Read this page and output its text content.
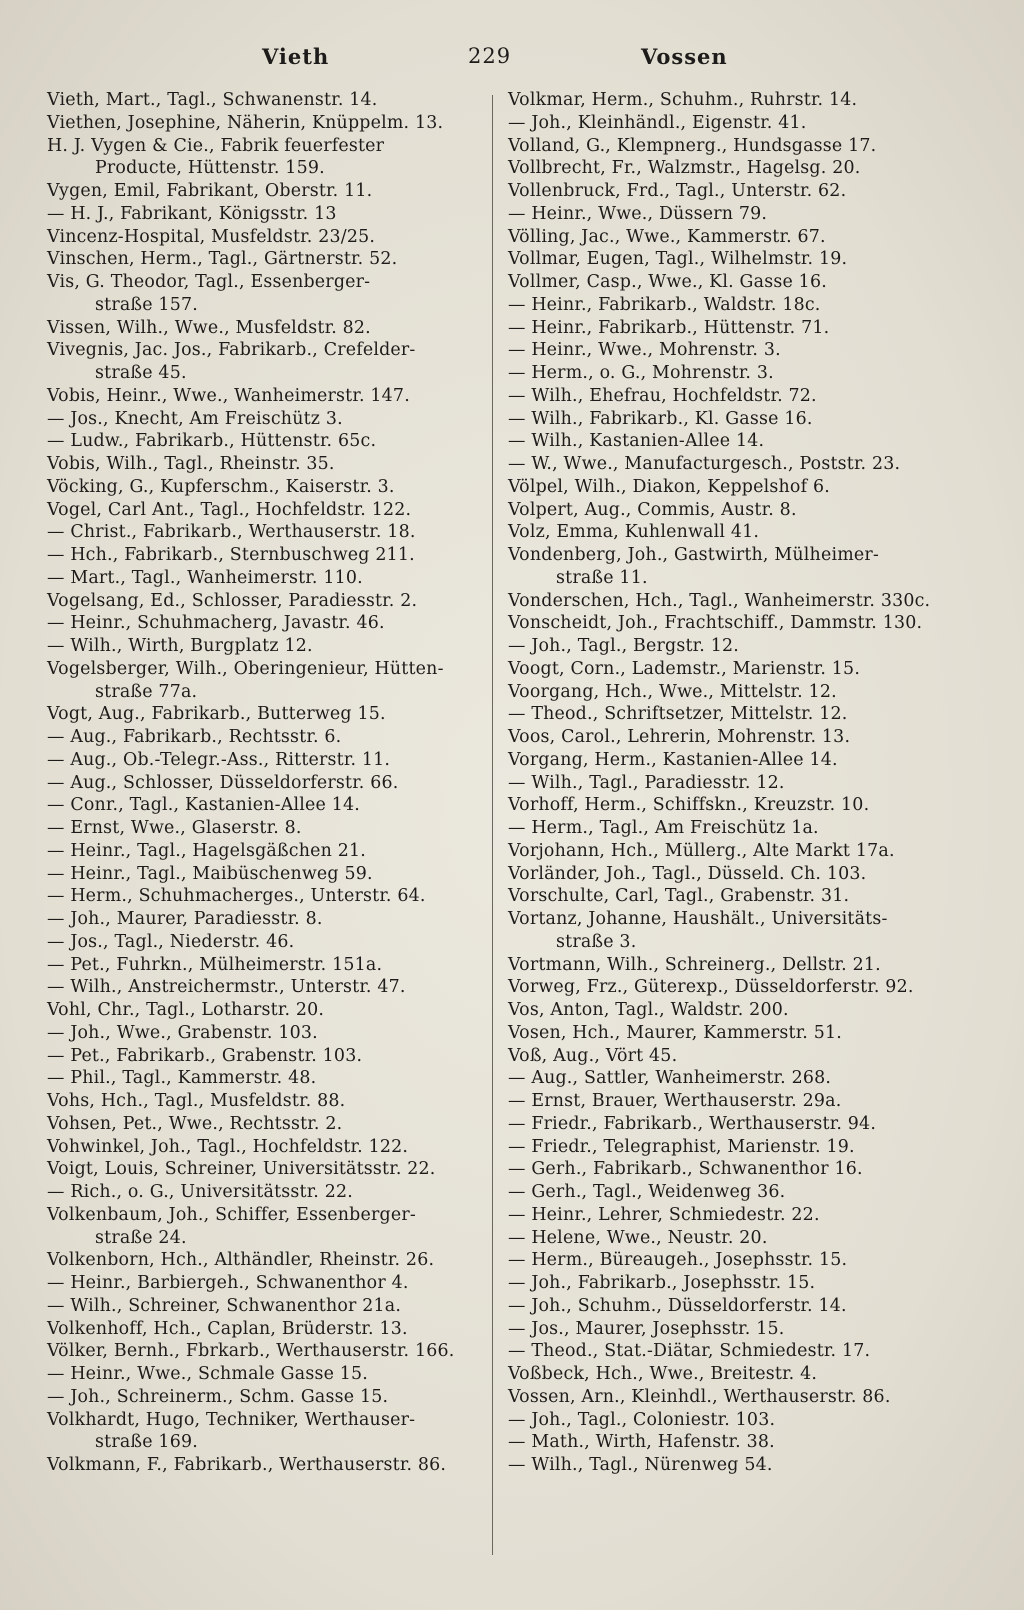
Vieth	229	Vossen
Vieth, Mart., Tagl., Schwanenstr. 14.
Viethen, Josephine, Näherin, Knüppelm. 13.
H. J. Vygen & Cie., Fabrik feuerfester
Producte, Hüttenstr. 159.
Vygen, Emil, Fabrikant, Oberstr. 11.
— H. J., Fabrikant, Königsstr. 13
Vincenz-Hospital, Musfeldstr. 23/25.
Vinschen, Herm., Tagl., Gärtnerstr. 52.
Vis, G. Theodor, Tagl., Essenberger-
straße 157.
Vissen, Wilh., Wwe., Musfeldstr. 82.
Vivegnis, Jac. Jos., Fabrikarb., Crefelder-
straße 45.
Vobis, Heinr., Wwe., Wanheimerstr. 147.
— Jos., Knecht, Am Freischütz 3.
— Ludw., Fabrikarb., Hüttenstr. 65c.
Vobis, Wilh., Tagl., Rheinstr. 35.
Vöcking, G., Kupferschm., Kaiserstr. 3.
Vogel, Carl Ant., Tagl., Hochfeldstr. 122.
— Christ., Fabrikarb., Werthauserstr. 18.
— Hch., Fabrikarb., Sternbuschweg 211.
— Mart., Tagl., Wanheimerstr. 110.
Vogelsang, Ed., Schlosser, Paradiesstr. 2.
— Heinr., Schuhmacherg, Javastr. 46.
— Wilh., Wirth, Burgplatz 12.
Vogelsberger, Wilh., Oberingenieur, Hütten-
straße 77a.
Vogt, Aug., Fabrikarb., Butterweg 15.
— Aug., Fabrikarb., Rechtsstr. 6.
— Aug., Ob.-Telegr.-Ass., Ritterstr. 11.
— Aug., Schlosser, Düsseldorferstr. 66.
— Conr., Tagl., Kastanien-Allee 14.
— Ernst, Wwe., Glaserstr. 8.
— Heinr., Tagl., Hagelsgäßchen 21.
— Heinr., Tagl., Maibüschenweg 59.
— Herm., Schuhmacherges., Unterstr. 64.
— Joh., Maurer, Paradiesstr. 8.
— Jos., Tagl., Niederstr. 46.
— Pet., Fuhrkn., Mülheimerstr. 151a.
— Wilh., Anstreichermstr., Unterstr. 47.
Vohl, Chr., Tagl., Lotharstr. 20.
— Joh., Wwe., Grabenstr. 103.
— Pet., Fabrikarb., Grabenstr. 103.
— Phil., Tagl., Kammerstr. 48.
Vohs, Hch., Tagl., Musfeldstr. 88.
Vohsen, Pet., Wwe., Rechtsstr. 2.
Vohwinkel, Joh., Tagl., Hochfeldstr. 122.
Voigt, Louis, Schreiner, Universitätsstr. 22.
— Rich., o. G., Universitätsstr. 22.
Volkenbaum, Joh., Schiffer, Essenberger-
straße 24.
Volkenborn, Hch., Althändler, Rheinstr. 26.
— Heinr., Barbiergeh., Schwanenthor 4.
— Wilh., Schreiner, Schwanenthor 21a.
Volkenhoff, Hch., Caplan, Brüderstr. 13.
Völker, Bernh., Fbrkarb., Werthauserstr. 166.
— Heinr., Wwe., Schmale Gasse 15.
— Joh., Schreinerm., Schm. Gasse 15.
Volkhardt, Hugo, Techniker, Werthauser-
straße 169.
Volkmann, F., Fabrikarb., Werthauserstr. 86.
Volkmar, Herm., Schuhm., Ruhrstr. 14.
— Joh., Kleinhändl., Eigenstr. 41.
Volland, G., Klempnerg., Hundsgasse 17.
Vollbrecht, Fr., Walzmstr., Hagelsg. 20.
Vollenbruck, Frd., Tagl., Unterstr. 62.
— Heinr., Wwe., Düssern 79.
Völling, Jac., Wwe., Kammerstr. 67.
Vollmar, Eugen, Tagl., Wilhelmstr. 19.
Vollmer, Casp., Wwe., Kl. Gasse 16.
— Heinr., Fabrikarb., Waldstr. 18c.
— Heinr., Fabrikarb., Hüttenstr. 71.
— Heinr., Wwe., Mohrenstr. 3.
— Herm., o. G., Mohrenstr. 3.
— Wilh., Ehefrau, Hochfeldstr. 72.
— Wilh., Fabrikarb., Kl. Gasse 16.
— Wilh., Kastanien-Allee 14.
— W., Wwe., Manufacturgesch., Poststr. 23.
Völpel, Wilh., Diakon, Keppelshof 6.
Volpert, Aug., Commis, Austr. 8.
Volz, Emma, Kuhlenwall 41.
Vondenberg, Joh., Gastwirth, Mülheimer-
straße 11.
Vonderschen, Hch., Tagl., Wanheimerstr. 330c.
Vonscheidt, Joh., Frachtschiff., Dammstr. 130.
— Joh., Tagl., Bergstr. 12.
Voogt, Corn., Lademstr., Marienstr. 15.
Voorgang, Hch., Wwe., Mittelstr. 12.
— Theod., Schriftsetzer, Mittelstr. 12.
Voos, Carol., Lehrerin, Mohrenstr. 13.
Vorgang, Herm., Kastanien-Allee 14.
— Wilh., Tagl., Paradiesstr. 12.
Vorhoff, Herm., Schiffskn., Kreuzstr. 10.
— Herm., Tagl., Am Freischütz 1a.
Vorjohann, Hch., Müllerg., Alte Markt 17a.
Vorländer, Joh., Tagl., Düsseld. Ch. 103.
Vorschulte, Carl, Tagl., Grabenstr. 31.
Vortanz, Johanne, Haushält., Universitäts-
straße 3.
Vortmann, Wilh., Schreinerg., Dellstr. 21.
Vorweg, Frz., Güterexp., Düsseldorferstr. 92.
Vos, Anton, Tagl., Waldstr. 200.
Vosen, Hch., Maurer, Kammerstr. 51.
Voß, Aug., Vört 45.
— Aug., Sattler, Wanheimerstr. 268.
— Ernst, Brauer, Werthauserstr. 29a.
— Friedr., Fabrikarb., Werthauserstr. 94.
— Friedr., Telegraphist, Marienstr. 19.
— Gerh., Fabrikarb., Schwanenthor 16.
— Gerh., Tagl., Weidenweg 36.
— Heinr., Lehrer, Schmiedestr. 22.
— Helene, Wwe., Neustr. 20.
— Herm., Büreaugeh., Josephsstr. 15.
— Joh., Fabrikarb., Josephsstr. 15.
— Joh., Schuhm., Düsseldorferstr. 14.
— Jos., Maurer, Josephsstr. 15.
— Theod., Stat.-Diätar, Schmiedestr. 17.
Voßbeck, Hch., Wwe., Breitestr. 4.
Vossen, Arn., Kleinhdl., Werthauserstr. 86.
— Joh., Tagl., Coloniestr. 103.
— Math., Wirth, Hafenstr. 38.
— Wilh., Tagl., Nürenweg 54.
